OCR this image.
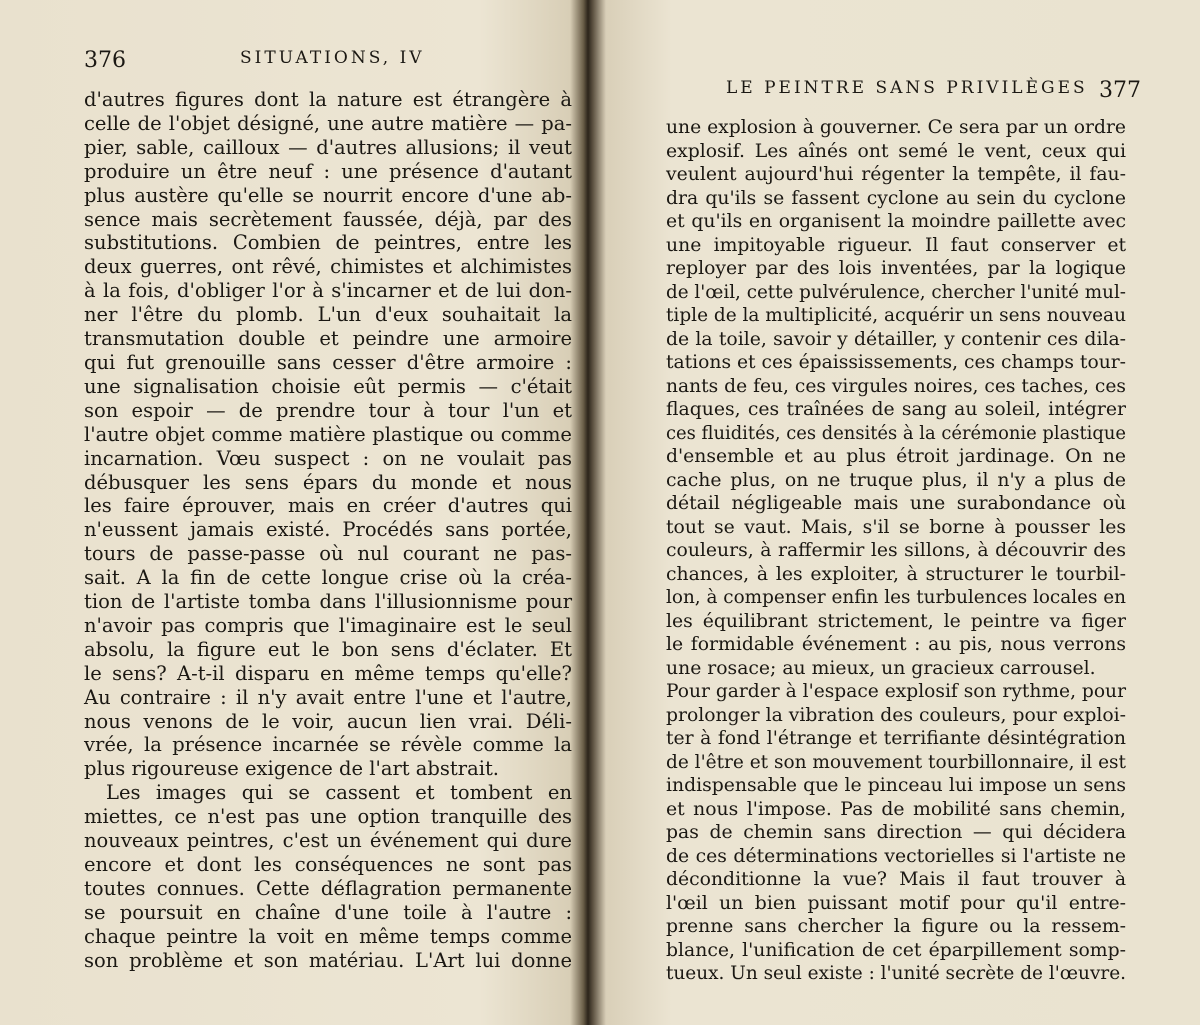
376	SITUATIONS, IV
d'autres figures dont la nature est étrangère à
celle de l'objet désigné, une autre matière — pa-
pier, sable, cailloux — d'autres allusions; il veut
produire un être neuf : une présence d'autant
plus austère qu'elle se nourrit encore d'une ab-
sence mais secrètement faussée, déjà, par des
substitutions. Combien de peintres, entre les
deux guerres, ont rêvé, chimistes et alchimistes
à la fois, d'obliger l'or à s'incarner et de lui don-
ner l'être du plomb. L'un d'eux souhaitait la
transmutation double et peindre une armoire
qui fut grenouille sans cesser d'être armoire :
une signalisation choisie eût permis — c'était
son espoir — de prendre tour à tour l'un et
l'autre objet comme matière plastique ou comme
incarnation. Vœu suspect : on ne voulait pas
débusquer les sens épars du monde et nous
les faire éprouver, mais en créer d'autres qui
n'eussent jamais existé. Procédés sans portée,
tours de passe-passe où nul courant ne pas-
sait. A la fin de cette longue crise où la créa-
tion de l'artiste tomba dans l'illusionnisme pour
n'avoir pas compris que l'imaginaire est le seul
absolu, la figure eut le bon sens d'éclater. Et
le sens? A-t-il disparu en même temps qu'elle?
Au contraire : il n'y avait entre l'une et l'autre,
nous venons de le voir, aucun lien vrai. Déli-
vrée, la présence incarnée se révèle comme la
plus rigoureuse exigence de l'art abstrait.
Les images qui se cassent et tombent en
miettes, ce n'est pas une option tranquille des
nouveaux peintres, c'est un événement qui dure
encore et dont les conséquences ne sont pas
toutes connues. Cette déflagration permanente
se poursuit en chaîne d'une toile à l'autre :
chaque peintre la voit en même temps comme
son problème et son matériau. L'Art lui donne
LE PEINTRE SANS PRIVILÈGES 377
une explosion à gouverner. Ce sera par un ordre
explosif. Les aînés ont semé le vent, ceux qui
veulent aujourd'hui régenter la tempête, il fau-
dra qu'ils se fassent cyclone au sein du cyclone
et qu'ils en organisent la moindre paillette avec
une impitoyable rigueur. Il faut conserver et
reployer par des lois inventées, par la logique
de l'œil, cette pulvérulence, chercher l'unité mul-
tiple de la multiplicité, acquérir un sens nouveau
de la toile, savoir y détailler, y contenir ces dila-
tations et ces épaississements, ces champs tour-
nants de feu, ces virgules noires, ces taches, ces
flaques, ces traînées de sang au soleil, intégrer
ces fluidités, ces densités à la cérémonie plastique
d'ensemble et au plus étroit jardinage. On ne
cache plus, on ne truque plus, il n'y a plus de
détail négligeable mais une surabondance où
tout se vaut. Mais, s'il se borne à pousser les
couleurs, à raffermir les sillons, à découvrir des
chances, à les exploiter, à structurer le tourbil-
lon, à compenser enfin les turbulences locales en
les équilibrant strictement, le peintre va figer
le formidable événement : au pis, nous verrons
une rosace; au mieux, un gracieux carrousel.
Pour garder à l'espace explosif son rythme, pour
prolonger la vibration des couleurs, pour exploi-
ter à fond l'étrange et terrifiante désintégration
de l'être et son mouvement tourbillonnaire, il est
indispensable que le pinceau lui impose un sens
et nous l'impose. Pas de mobilité sans chemin,
pas de chemin sans direction — qui décidera
de ces déterminations vectorielles si l'artiste ne
déconditionne la vue? Mais il faut trouver à
l'œil un bien puissant motif pour qu'il entre-
prenne sans chercher la figure ou la ressem-
blance, l'unification de cet éparpillement somp-
tueux. Un seul existe : l'unité secrète de l'œuvre.
